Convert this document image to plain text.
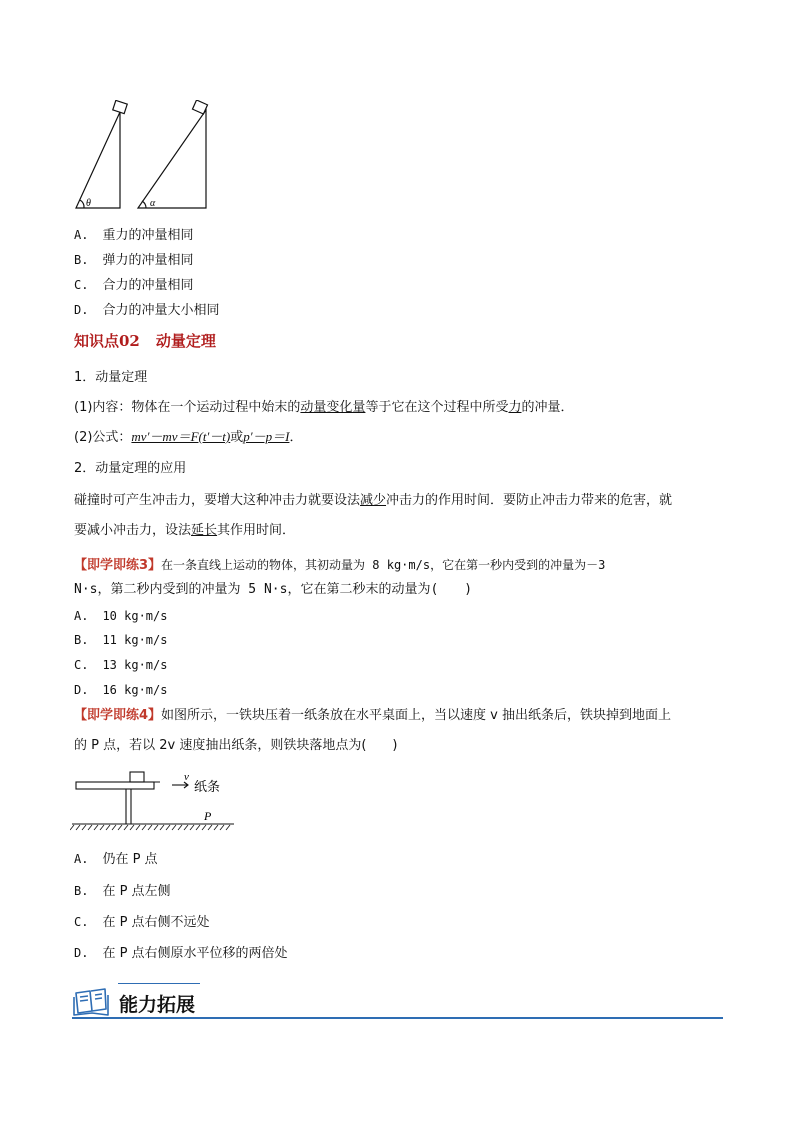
θ	α
A. 重力的冲量相同
B. 弹力的冲量相同
C. 合力的冲量相同
D. 合力的冲量大小相同
知识点02 动量定理
1．动量定理
(1)内容：物体在一个运动过程中始末的动量变化量等于它在这个过程中所受力的冲量．
(2)公式：mv′－mv＝F(t′－t)或p′－p＝I．
2．动量定理的应用
碰撞时可产生冲击力，要增大这种冲击力就要设法减少冲击力的作用时间．要防止冲击力带来的危害，就
要减小冲击力，设法延长其作用时间．
【即学即练3】在一条直线上运动的物体，其初动量为 8 kg·m/s，它在第一秒内受到的冲量为－3
N·s，第二秒内受到的冲量为 5 N·s，它在第二秒末的动量为(　　)
A. 10 kg·m/s
B. 11 kg·m/s
C. 13 kg·m/s
D. 16 kg·m/s
【即学即练4】如图所示，一铁块压着一纸条放在水平桌面上，当以速度 v 抽出纸条后，铁块掉到地面上
的 P 点，若以 2v 速度抽出纸条，则铁块落地点为(　　)
v
纸条
P
A. 仍在 P 点
B. 在 P 点左侧
C. 在 P 点右侧不远处
D. 在 P 点右侧原水平位移的两倍处
能力拓展
